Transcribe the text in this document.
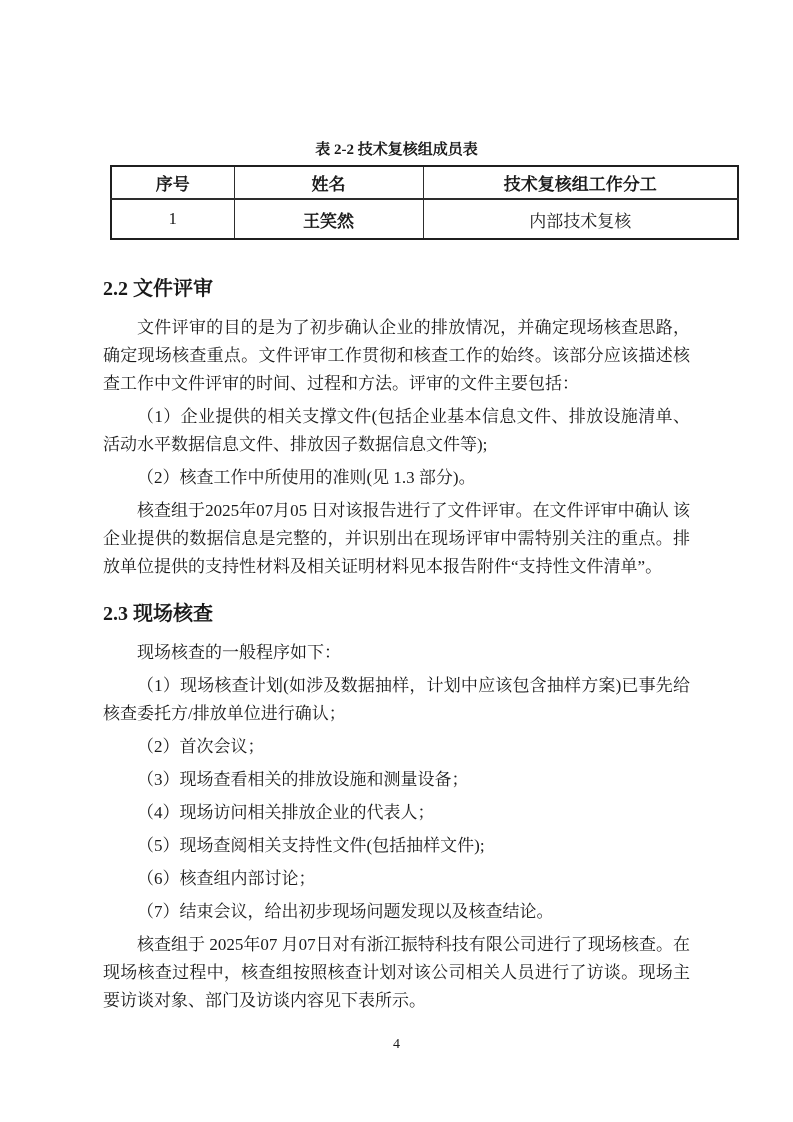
表 2-2 技术复核组成员表
序号	姓名	技术复核组工作分工
1	王笑然	内部技术复核
2.2 文件评审

文件评审的目的是为了初步确认企业的排放情况，并确定现场核查思路，确定现场核查重点。文件评审工作贯彻和核查工作的始终。该部分应该描述核查工作中文件评审的时间、过程和方法。评审的文件主要包括：

（1）企业提供的相关支撑文件(包括企业基本信息文件、排放设施清单、活动水平数据信息文件、排放因子数据信息文件等);

（2）核查工作中所使用的准则(见 1.3 部分)。

核查组于2025年07月05 日对该报告进行了文件评审。在文件评审中确认 该企业提供的数据信息是完整的，并识别出在现场评审中需特别关注的重点。排放单位提供的支持性材料及相关证明材料见本报告附件“支持性文件清单”。

2.3 现场核查

现场核查的一般程序如下：

（1）现场核查计划(如涉及数据抽样，计划中应该包含抽样方案)已事先给核查委托方/排放单位进行确认；

（2）首次会议；

（3）现场查看相关的排放设施和测量设备；

（4）现场访问相关排放企业的代表人；

（5）现场查阅相关支持性文件(包括抽样文件);

（6）核查组内部讨论；

（7）结束会议，给出初步现场问题发现以及核查结论。

核查组于 2025年07 月07日对有浙江振特科技有限公司进行了现场核查。在现场核查过程中，核查组按照核查计划对该公司相关人员进行了访谈。现场主要访谈对象、部门及访谈内容见下表所示。

4
